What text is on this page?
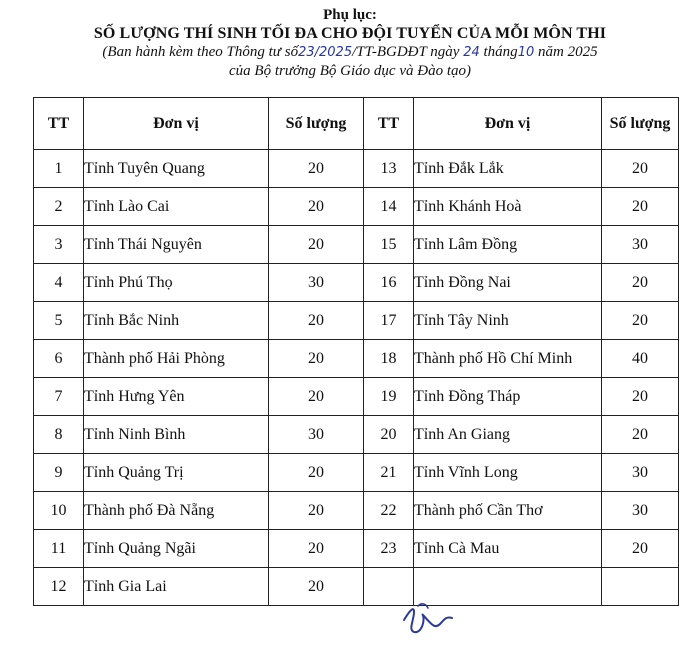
Phụ lục:
SỐ LƯỢNG THÍ SINH TỐI ĐA CHO ĐỘI TUYỂN CỦA MỖI MÔN THI
(Ban hành kèm theo Thông tư số23/2025/TT-BGDĐT ngày 24 tháng10 năm 2025
của Bộ trưởng Bộ Giáo dục và Đào tạo)
TT	Đơn vị	Số lượng	TT	Đơn vị	Số lượng
1	Tỉnh Tuyên Quang	20	13	Tỉnh Đắk Lắk	20
2	Tỉnh Lào Cai	20	14	Tỉnh Khánh Hoà	20
3	Tỉnh Thái Nguyên	20	15	Tỉnh Lâm Đồng	30
4	Tỉnh Phú Thọ	30	16	Tỉnh Đồng Nai	20
5	Tỉnh Bắc Ninh	20	17	Tỉnh Tây Ninh	20
6	Thành phố Hải Phòng	20	18	Thành phố Hồ Chí Minh	40
7	Tỉnh Hưng Yên	20	19	Tỉnh Đồng Tháp	20
8	Tỉnh Ninh Bình	30	20	Tỉnh An Giang	20
9	Tỉnh Quảng Trị	20	21	Tỉnh Vĩnh Long	30
10	Thành phố Đà Nẵng	20	22	Thành phố Cần Thơ	30
11	Tỉnh Quảng Ngãi	20	23	Tỉnh Cà Mau	20
12	Tỉnh Gia Lai	20			
